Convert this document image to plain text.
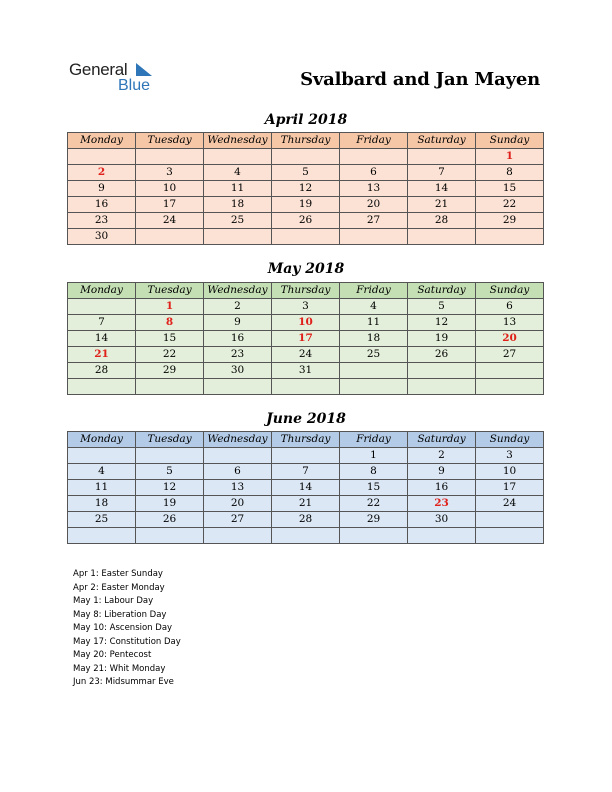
General
Blue	Svalbard and Jan Mayen
April 2018
Monday	Tuesday	Wednesday	Thursday	Friday	Saturday	Sunday
						1
2	3	4	5	6	7	8
9	10	11	12	13	14	15
16	17	18	19	20	21	22
23	24	25	26	27	28	29
30						
May 2018
Monday	Tuesday	Wednesday	Thursday	Friday	Saturday	Sunday
	1	2	3	4	5	6
7	8	9	10	11	12	13
14	15	16	17	18	19	20
21	22	23	24	25	26	27
28	29	30	31			

June 2018
Monday	Tuesday	Wednesday	Thursday	Friday	Saturday	Sunday
				1	2	3
4	5	6	7	8	9	10
11	12	13	14	15	16	17
18	19	20	21	22	23	24
25	26	27	28	29	30	

Apr 1: Easter Sunday
Apr 2: Easter Monday
May 1: Labour Day
May 8: Liberation Day
May 10: Ascension Day
May 17: Constitution Day
May 20: Pentecost
May 21: Whit Monday
Jun 23: Midsummar Eve
